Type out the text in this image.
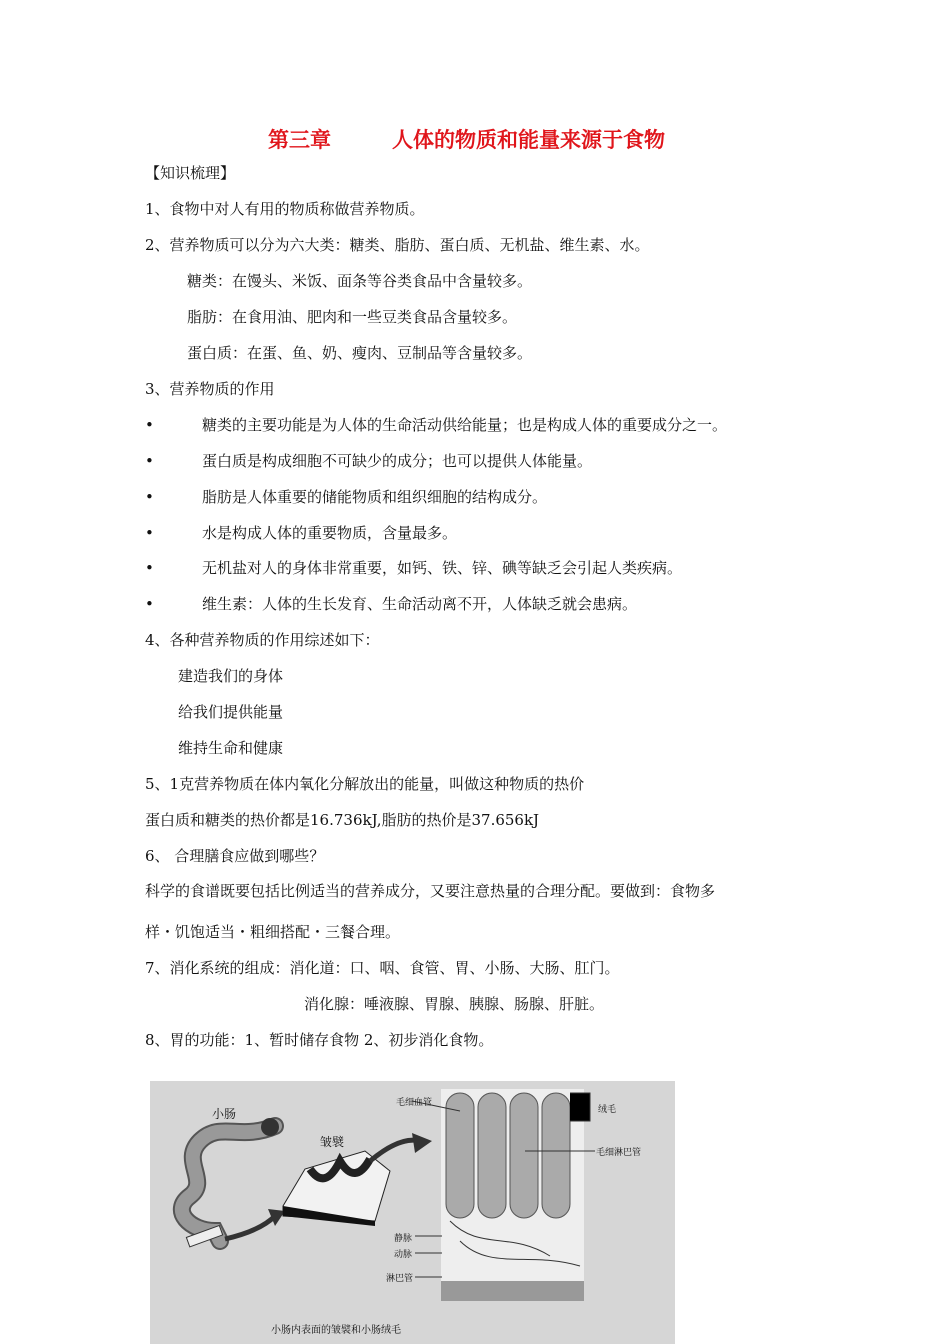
第三章	人体的物质和能量来源于食物
【知识梳理】
1、食物中对人有用的物质称做营养物质。
2、营养物质可以分为六大类：糖类、脂肪、蛋白质、无机盐、维生素、水。
糖类：在馒头、米饭、面条等谷类食品中含量较多。
脂肪：在食用油、肥肉和一些豆类食品含量较多。
蛋白质：在蛋、鱼、奶、瘦肉、豆制品等含量较多。
3、营养物质的作用
•	糖类的主要功能是为人体的生命活动供给能量；也是构成人体的重要成分之一。
•	蛋白质是构成细胞不可缺少的成分；也可以提供人体能量。
•	脂肪是人体重要的储能物质和组织细胞的结构成分。
•	水是构成人体的重要物质，含量最多。
•	无机盐对人的身体非常重要，如钙、铁、锌、碘等缺乏会引起人类疾病。
•	维生素：人体的生长发育、生命活动离不开，人体缺乏就会患病。
4、各种营养物质的作用综述如下：
建造我们的身体
给我们提供能量
维持生命和健康
5、1克营养物质在体内氧化分解放出的能量，叫做这种物质的热价
蛋白质和糖类的热价都是16.736kJ,脂肪的热价是37.656kJ
6、 合理膳食应做到哪些？
科学的食谱既要包括比例适当的营养成分，又要注意热量的合理分配。要做到：食物多
样・饥饱适当・粗细搭配・三餐合理。
7、消化系统的组成：消化道：口、咽、食管、胃、小肠、大肠、肛门。
消化腺：唾液腺、胃腺、胰腺、肠腺、肝脏。
8、胃的功能：1、暂时储存食物 2、初步消化食物。
小肠
皱襞
毛细血管
绒毛
毛细淋巴管
静脉
动脉
淋巴管
小肠内表面的皱襞和小肠绒毛
